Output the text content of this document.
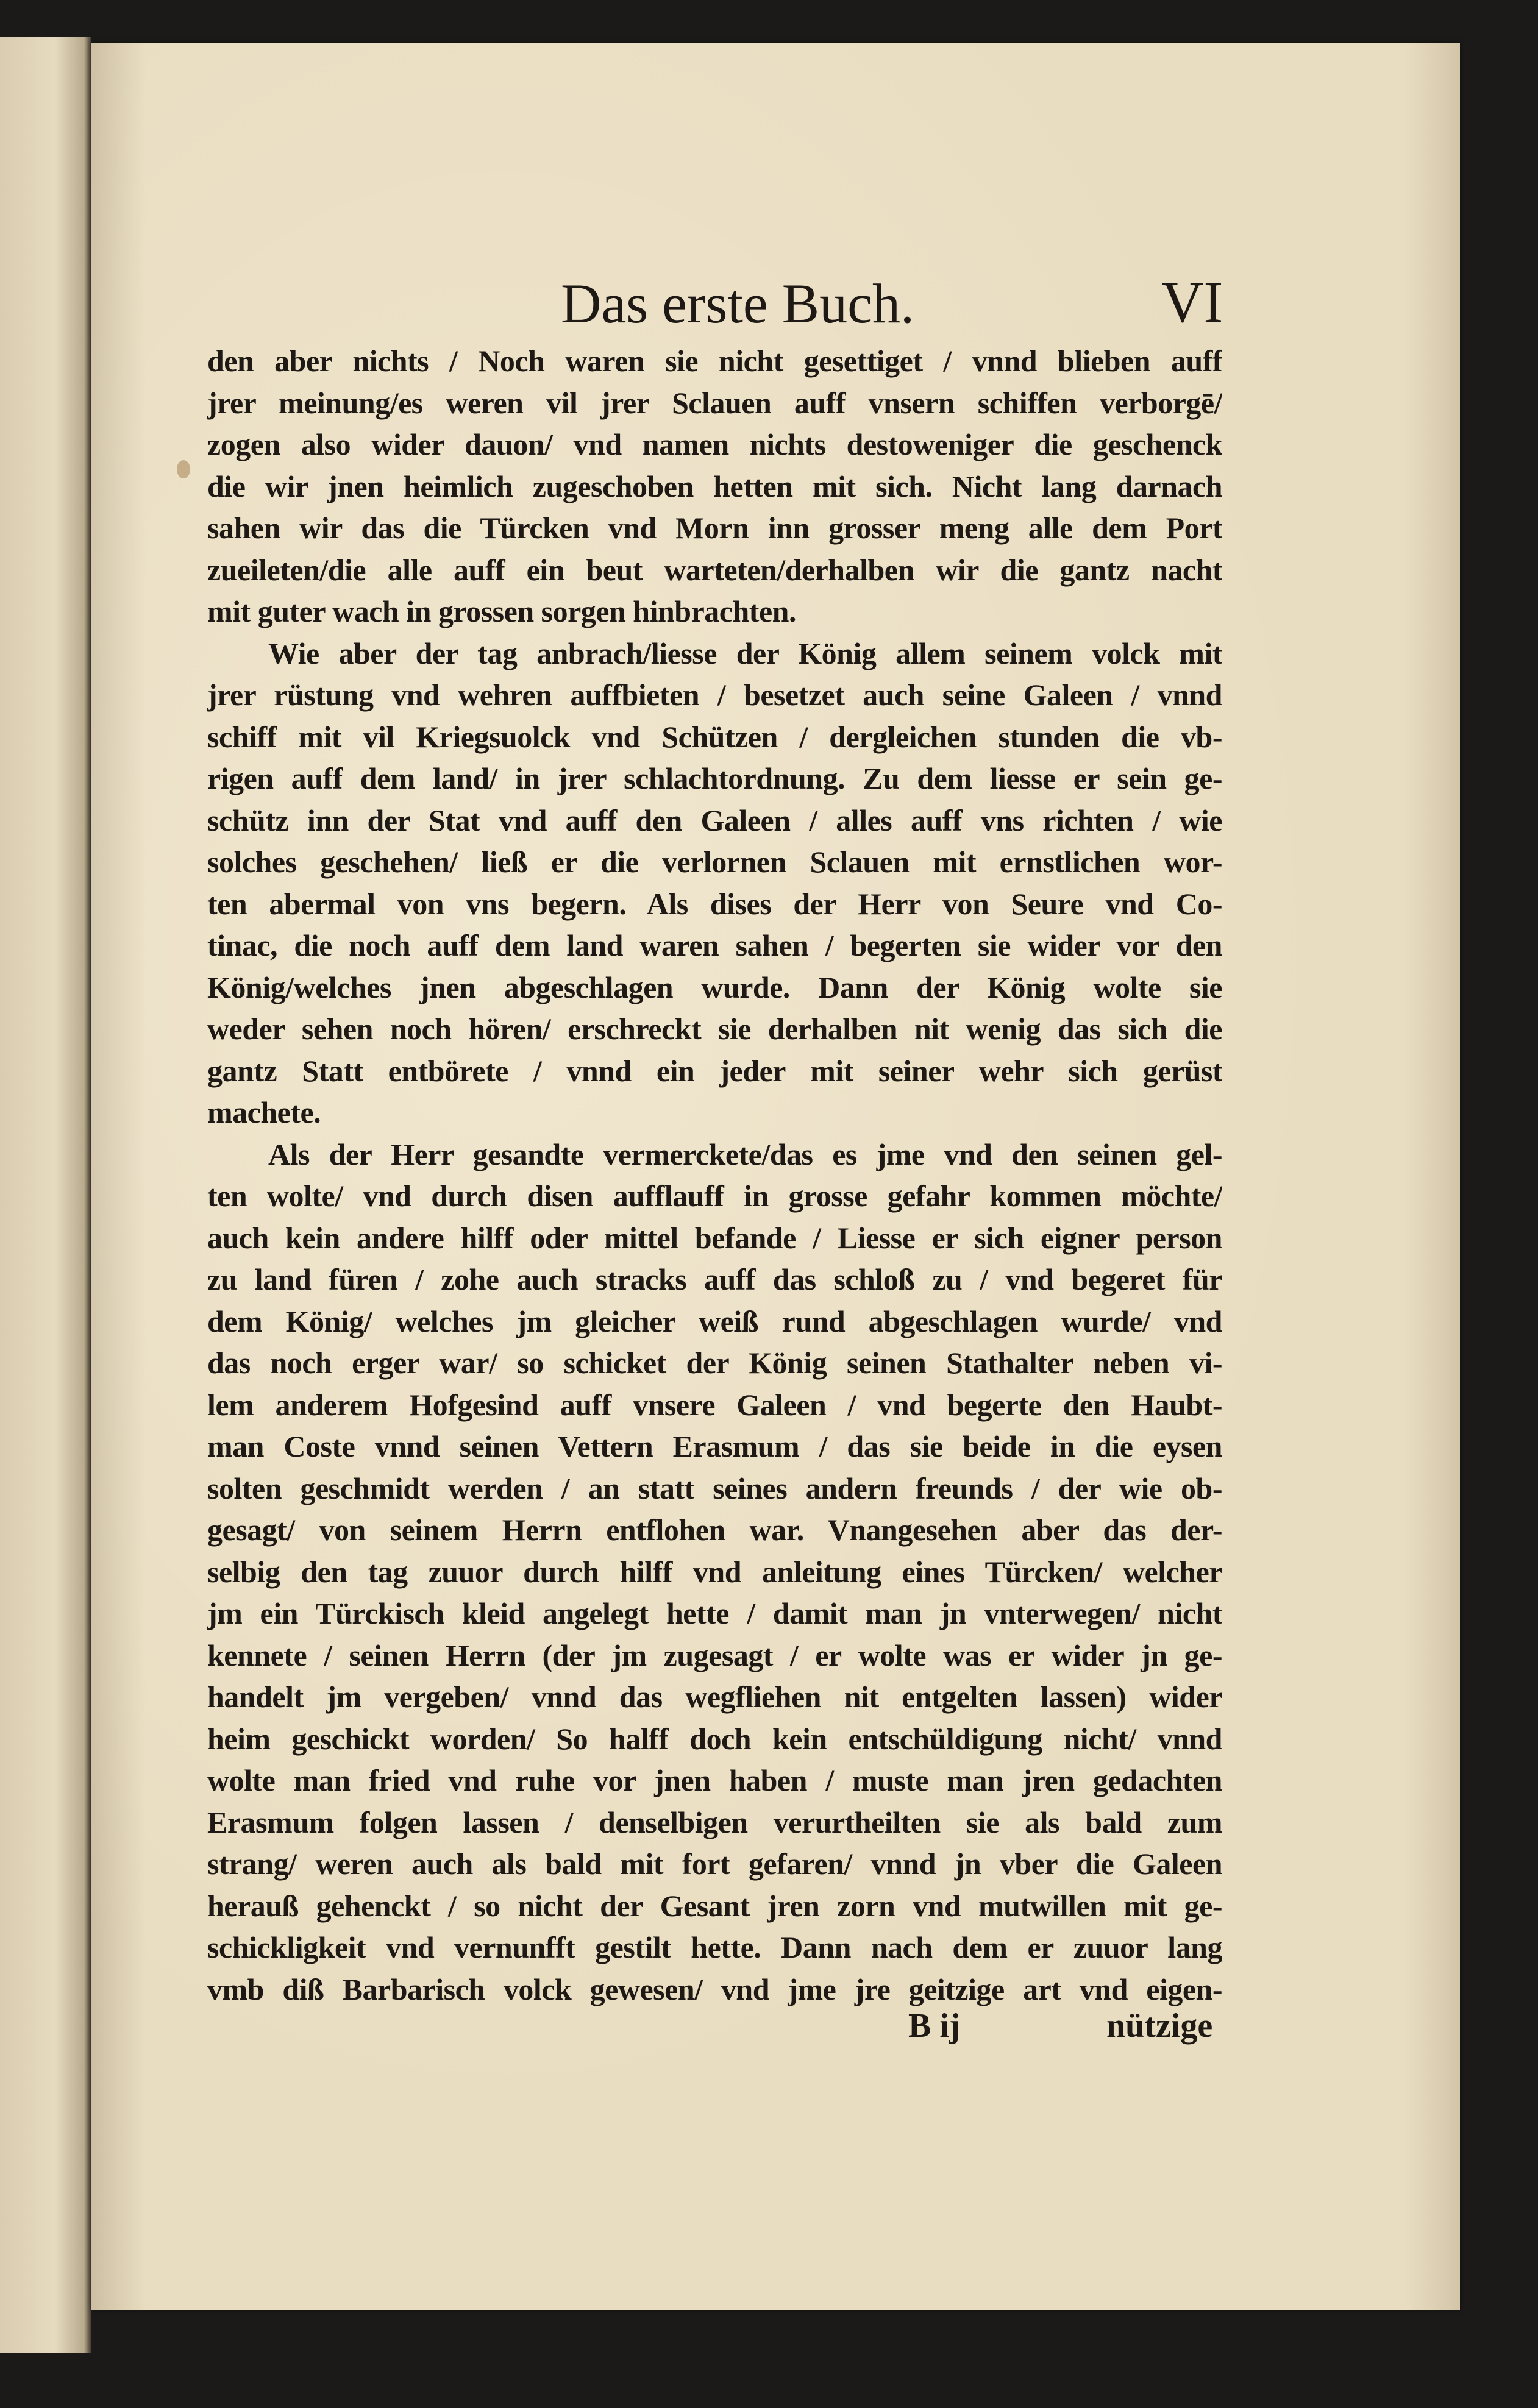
Das erste Buch.	VI
den aber nichts / Noch waren sie nicht gesettiget / vnnd blieben auff
jrer meinung/es weren vil jrer Sclauen auff vnsern schiffen verborgē/
zogen also wider dauon/ vnd namen nichts destoweniger die geschenck
die wir jnen heimlich zugeschoben hetten mit sich. Nicht lang darnach
sahen wir das die Türcken vnd Morn inn grosser meng alle dem Port
zueileten/die alle auff ein beut warteten/derhalben wir die gantz nacht
mit guter wach in grossen sorgen hinbrachten.
Wie aber der tag anbrach/liesse der König allem seinem volck mit
jrer rüstung vnd wehren auffbieten / besetzet auch seine Galeen / vnnd
schiff mit vil Kriegsuolck vnd Schützen / dergleichen stunden die vb-
rigen auff dem land/ in jrer schlachtordnung. Zu dem liesse er sein ge-
schütz inn der Stat vnd auff den Galeen / alles auff vns richten / wie
solches geschehen/ ließ er die verlornen Sclauen mit ernstlichen wor-
ten abermal von vns begern. Als dises der Herr von Seure vnd Co-
tinac, die noch auff dem land waren sahen / begerten sie wider vor den
König/welches jnen abgeschlagen wurde. Dann der König wolte sie
weder sehen noch hören/ erschreckt sie derhalben nit wenig das sich die
gantz Statt entbörete / vnnd ein jeder mit seiner wehr sich gerüst
machete.
Als der Herr gesandte vermerckete/das es jme vnd den seinen gel-
ten wolte/ vnd durch disen aufflauff in grosse gefahr kommen möchte/
auch kein andere hilff oder mittel befande / Liesse er sich eigner person
zu land füren / zohe auch stracks auff das schloß zu / vnd begeret für
dem König/ welches jm gleicher weiß rund abgeschlagen wurde/ vnd
das noch erger war/ so schicket der König seinen Stathalter neben vi-
lem anderem Hofgesind auff vnsere Galeen / vnd begerte den Haubt-
man Coste vnnd seinen Vettern Erasmum / das sie beide in die eysen
solten geschmidt werden / an statt seines andern freunds / der wie ob-
gesagt/ von seinem Herrn entflohen war. Vnangesehen aber das der-
selbig den tag zuuor durch hilff vnd anleitung eines Türcken/ welcher
jm ein Türckisch kleid angelegt hette / damit man jn vnterwegen/ nicht
kennete / seinen Herrn (der jm zugesagt / er wolte was er wider jn ge-
handelt jm vergeben/ vnnd das wegfliehen nit entgelten lassen) wider
heim geschickt worden/ So halff doch kein entschüldigung nicht/ vnnd
wolte man fried vnd ruhe vor jnen haben / muste man jren gedachten
Erasmum folgen lassen / denselbigen verurtheilten sie als bald zum
strang/ weren auch als bald mit fort gefaren/ vnnd jn vber die Galeen
herauß gehenckt / so nicht der Gesant jren zorn vnd mutwillen mit ge-
schickligkeit vnd vernunfft gestilt hette. Dann nach dem er zuuor lang
vmb diß Barbarisch volck gewesen/ vnd jme jre geitzige art vnd eigen-
B ij	nützige
